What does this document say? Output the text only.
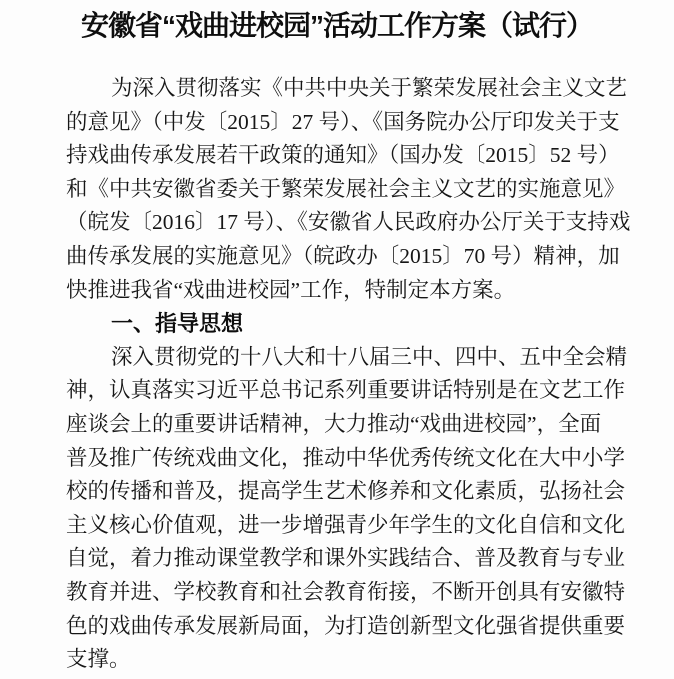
安徽省“戏曲进校园”活动工作方案（试行）
为深入贯彻落实《中共中央关于繁荣发展社会主义文艺
的意见》（中发〔2015〕27 号）、《国务院办公厅印发关于支
持戏曲传承发展若干政策的通知》（国办发〔2015〕52 号）
和《中共安徽省委关于繁荣发展社会主义文艺的实施意见》
（皖发〔2016〕17 号）、《安徽省人民政府办公厅关于支持戏
曲传承发展的实施意见》（皖政办〔2015〕70 号）精神，加
快推进我省“戏曲进校园”工作，特制定本方案。
一、指导思想
深入贯彻党的十八大和十八届三中、四中、五中全会精
神，认真落实习近平总书记系列重要讲话特别是在文艺工作
座谈会上的重要讲话精神，大力推动“戏曲进校园”，全面
普及推广传统戏曲文化，推动中华优秀传统文化在大中小学
校的传播和普及，提高学生艺术修养和文化素质，弘扬社会
主义核心价值观，进一步增强青少年学生的文化自信和文化
自觉，着力推动课堂教学和课外实践结合、普及教育与专业
教育并进、学校教育和社会教育衔接，不断开创具有安徽特
色的戏曲传承发展新局面，为打造创新型文化强省提供重要
支撑。
